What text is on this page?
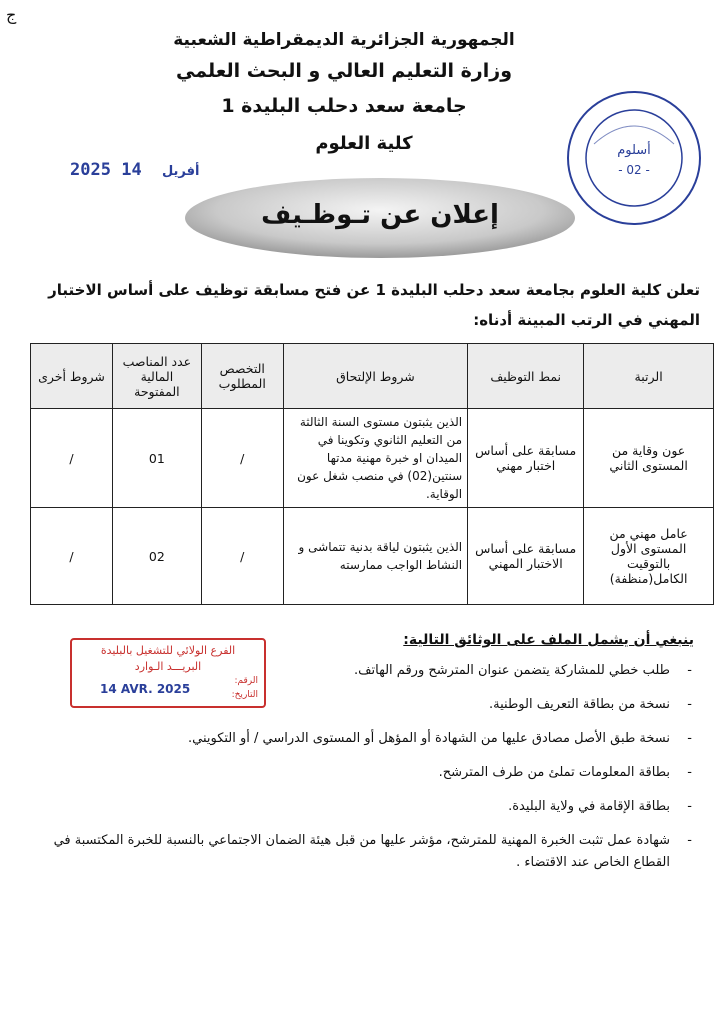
ج
الجمهورية الجزائرية الديمقراطية الشعبية
وزارة التعليم العالي و البحث العلمي
جامعة سعد دحلب البليدة 1
كلية العلوم
2025	أفريل 14
إعلان عن تـوظـيف
أسلوم
- 02 -
تعلن كلية العلوم بجامعة سعد دحلب البليدة 1 عن فتح مسابقة توظيف على أساس الاختبار المهني في الرتب المبينة أدناه:
الرتبة	نمط التوظيف	شروط الإلتحاق	التخصص المطلوب	عدد المناصب المالية المفتوحة	شروط أخرى
عون وقاية من المستوى الثاني	مسابقة على أساس اختبار مهني	الذين يثبتون مستوى السنة الثالثة من التعليم الثانوي وتكوينا في الميدان او خبرة مهنية مدتها سنتين(02) في منصب شغل عون الوقاية.	/	01	/
عامل مهني من المستوى الأول بالتوقيت الكامل(منظفة)	مسابقة على أساس الاختبار المهني	الذين يثبتون لياقة بدنية تتماشى و النشاط الواجب ممارسته	/	02	/
الفرع الولائي للتشغيل بالبليدة
البريـــد الـوارد
الرقم:
التاريخ:
14 AVR. 2025
ينبغي أن يشمل الملف على الوثائق التالية:
- طلب خطي للمشاركة يتضمن عنوان المترشح ورقم الهاتف.
- نسخة من بطاقة التعريف الوطنية.
- نسخة طبق الأصل مصادق عليها من الشهادة أو المؤهل أو المستوى الدراسي / أو التكويني.
- بطاقة المعلومات تملئ من طرف المترشح.
- بطاقة الإقامة في ولاية البليدة.
- شهادة عمل تثبت الخبرة المهنية للمترشح، مؤشر عليها من قبل هيئة الضمان الاجتماعي بالنسبة للخبرة المكتسبة في القطاع الخاص عند الاقتضاء .
